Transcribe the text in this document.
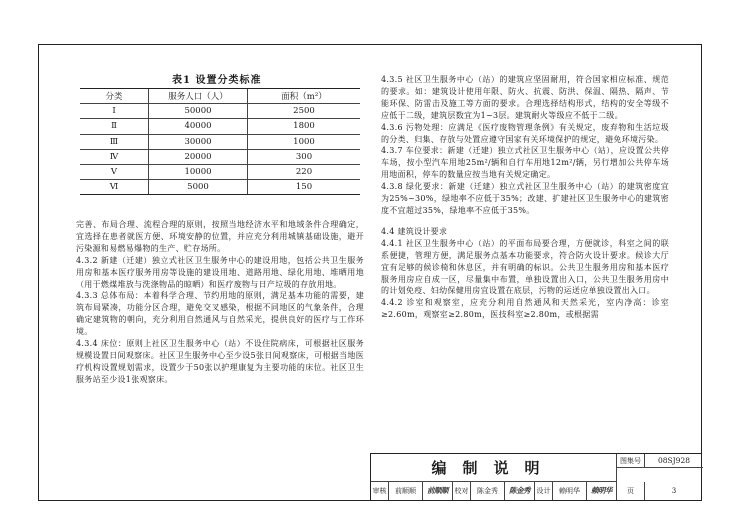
表1 设置分类标准
分类	服务人口（人）	面积（m²）
Ⅰ	50000	2500
Ⅱ	40000	1800
Ⅲ	30000	1000
Ⅳ	20000	300
Ⅴ	10000	220
Ⅵ	5000	150

完善、布局合理、流程合理的原则，按照当地经济水平和地域条件合理确定，宜选择在患者就医方便、环境安静的位置，并应充分利用城镇基础设施，避开污染源和易燃易爆物的生产、贮存场所。

4.3.2 新建（迁建）独立式社区卫生服务中心的建设用地，包括公共卫生服务用房和基本医疗服务用房等设施的建设用地、道路用地、绿化用地、堆晒用地（用于燃煤堆放与洗涤物品的晾晒）和医疗废物与日产垃圾的存放用地。

4.3.3 总体布局：本着科学合理、节约用地的原则，满足基本功能的需要，建筑布局紧凑，功能分区合理，避免交叉感染，根据不同地区的气象条件，合理确定建筑物的朝向，充分利用自然通风与自然采光，提供良好的医疗与工作环境。

4.3.4 床位：原则上社区卫生服务中心（站）不设住院病床，可根据社区服务规模设置日间观察床。社区卫生服务中心至少设5张日间观察床，可根据当地医疗机构设置规划需求，设置少于50张以护理康复为主要功能的床位。社区卫生服务站至少设1张观察床。

4.3.5 社区卫生服务中心（站）的建筑应坚固耐用，符合国家相应标准、规范的要求。如：建筑设计使用年限、防火、抗震、防洪、保温、隔热、隔声、节能环保、防雷击及施工等方面的要求。合理选择结构形式，结构的安全等级不应低于二级，建筑层数宜为1~3层。建筑耐火等级应不低于二级。

4.3.6 污物处理：应满足《医疗废物管理条例》有关规定，废弃物和生活垃圾的分类、归集、存放与处置应遵守国家有关环境保护的规定，避免环境污染。

4.3.7 车位要求：新建（迁建）独立式社区卫生服务中心（站），应设置公共停车场，按小型汽车用地25m²/辆和自行车用地12m²/辆，另行增加公共停车场用地面积，停车的数量应按当地有关规定确定。

4.3.8 绿化要求：新建（迁建）独立式社区卫生服务中心（站）的建筑密度宜为25%~30%，绿地率不应低于35%；改建、扩建社区卫生服务中心的建筑密度不宜超过35%，绿地率不应低于35%。

4.4 建筑设计要求

4.4.1 社区卫生服务中心（站）的平面布局要合理，方便就诊，科室之间的联系便捷，管理方便，满足服务点基本功能要求，符合防火设计要求。候诊大厅宜有足够的候诊椅和休息区，并有明确的标识。公共卫生服务用房和基本医疗服务用房应自成一区，尽量集中布置，单独设置出入口，公共卫生服务用房中的计划免疫、妇幼保健用房宜设置在底层，污物的运送应单独设置出入口。

4.4.2 诊室和观察室，应充分利用自然通风和天然采光，室内净高：诊室≥2.60m，观察室≥2.80m，医技科室≥2.80m，或根据需

编制说明	图集号	08SJ928
审核	前顺顺	前顺顺 校对	陈金秀	陈金秀 设计	赖明华	赖明华	页	3
